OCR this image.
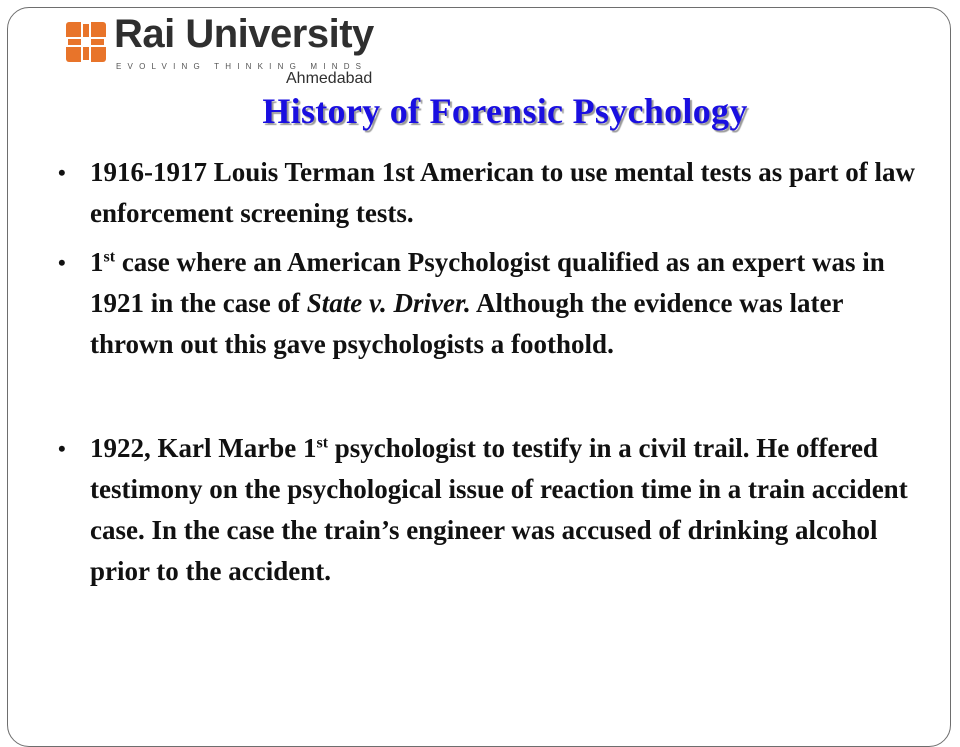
Rai University
EVOLVING THINKING MINDS
Ahmedabad
History of Forensic Psychology
• 1916-1917 Louis Terman 1st American to use mental tests as part of law enforcement screening tests.
• 1st case where an American Psychologist qualified as an expert was in 1921 in the case of State v. Driver. Although the evidence was later thrown out this gave psychologists a foothold.
• 1922, Karl Marbe 1st psychologist to testify in a civil trail. He offered testimony on the psychological issue of reaction time in a train accident case. In the case the train’s engineer was accused of drinking alcohol prior to the accident.
